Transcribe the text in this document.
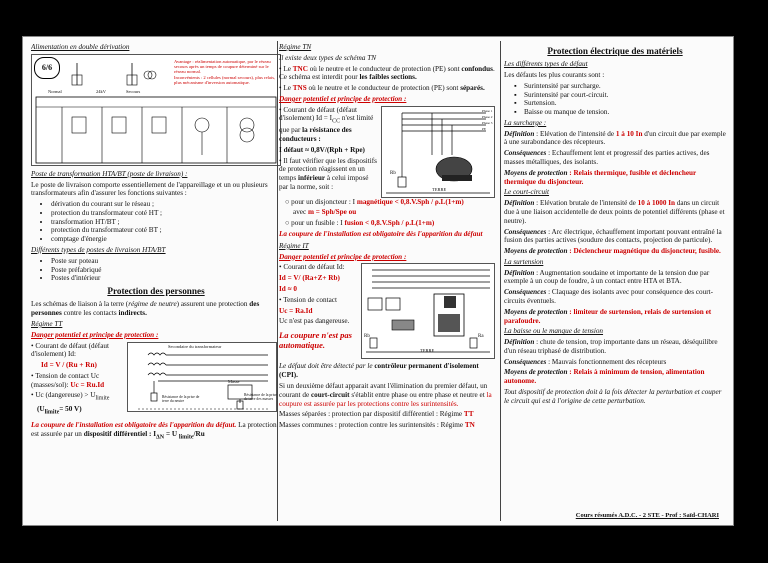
Alimentation en double dérivation

6/6
Avantage : réalimentation automatique, par le réseau secours après un temps de coupure déterminé sur le réseau normal.
Inconvénients : 2 cellules (normal secours), plus relais, plus mécanisme d'inversion automatique.
Normal	24kV	Secours

Poste de transformation HTA/BT (poste de livraison) :

Le poste de livraison comporte essentiellement de l'appareillage et un ou plusieurs transformateurs afin d'assurer les fonctions suivantes :

• dérivation du courant sur le réseau ;
• protection du transformateur coté HT ;
• transformation HT/BT ;
• protection du transformateur coté BT ;
• comptage d'énergie

Différents types de postes de livraison HTA/BT

• Poste sur poteau
• Poste préfabriqué
• Postes d'intérieur

Protection des personnes

Les schémas de liaison à la terre (régime de neutre) assurent une protection des personnes contre les contacts indirects.

Régime TT

Danger potentiel et principe de protection :

• Courant de défaut (défaut d'isolement) Id:

Id = V / (Ru + Rn)

• Tension de contact Uc (masses/sol): Uc = Ru.Id

• Uc (dangereuse) > $U_{limite}$

($U_{limite}= 50$ V)

Secondaire du transformateur
Masse
Résistance de la prise de terre du neutre
Résistance de la prise de terre des masses

La coupure de l'installation est obligatoire dès l'apparition du défaut. La protection est assurée par un dispositif différentiel : $I_{\Delta N} = U$ $_{limite}$/Ru

Régime TN

Il existe deux types de schéma TN

• Le TNC où le neutre et le conducteur de protection (PE) sont confondus. Ce schéma est interdit pour les faibles sections.

• Le TNS où le neutre et le conducteur de protection (PE) sont séparés.

Danger potentiel et principe de protection :

• Courant de défaut (défaut d'isolement) $Id = I_{CC}$ n'est limité que par la résistance des conducteurs :

I défaut ≈ 0,8V/(Rph + Rpe)

• Il faut vérifier que les dispositifs de protection réagissent en un temps inférieur à celui imposé par la norme, soit :

Rb
TERRE
Phase 1
Phase 2
Phase 3
PE

○ pour un disjoncteur : I magnétique < 0,8.V.Sph / ρ.L(1+m)

avec m = Sph/Spe ou

○ pour un fusible : I fusion < 0,8.V.Sph / ρ.L(1+m)

La coupure de l'installation est obligatoire dès l'apparition du défaut

Régime IT

Danger potentiel et principe de protection :

• Courant de défaut Id:

Id = V/ (Ra+Z+ Rb)

Id ≈ 0

• Tension de contact

Uc = Ra.Id

Uc n'est pas dangereuse.

La coupure n'est pas automatique.

Rb	Ra
TERRE

Le défaut doit être détecté par le contrôleur permanent d'isolement (CPI).

Si un deuxième défaut apparait avant l'élimination du premier défaut, un courant de court-circuit s'établit entre phase ou entre phase et neutre et la coupure est assurée par les protections contre les surintensités.

Masses séparées : protection par dispositif différentiel : Régime TT

Masses communes : protection contre les surintensités : Régime TN

Protection électrique des matériels

Les différents types de défaut

Les défauts les plus courants sont :

▪ Surintensité par surcharge.
▪ Surintensité par court-circuit.
▪ Surtension.
▪ Baisse ou manque de tension.

La surcharge :

Définition : Elévation de l'intensité de 1 à 10 In d'un circuit due par exemple à une surabondance des récepteurs.

Conséquences : Echauffement lent et progressif des parties actives, des masses métalliques, des isolants.

Moyens de protection : Relais thermique, fusible et déclencheur thermique du disjoncteur.

Le court-circuit

Définition : Elévation brutale de l'intensité de 10 à 1000 In dans un circuit due à une liaison accidentelle de deux points de potentiel différents (phase et neutre).

Conséquences : Arc électrique, échauffement important pouvant entraîné la fusion des parties actives (soudure des contacts, projection de particule).

Moyens de protection : Déclencheur magnétique du disjoncteur, fusible.

La surtension

Définition : Augmentation soudaine et importante de la tension due par exemple à un coup de foudre, à un contact entre HTA et BTA.

Conséquences : Claquage des isolants avec pour conséquence des court-circuits éventuels.

Moyens de protection : limiteur de surtension, relais de surtension et parafoudre.

La baisse ou le manque de tension

Définition : chute de tension, trop importante dans un réseau, déséquilibre d'un réseau triphasé de distribution.

Conséquences : Mauvais fonctionnement des récepteurs

Moyens de protection : Relais à minimum de tension, alimentation autonome.

Tout dispositif de protection doit à la fois détecter la perturbation et couper le circuit qui est à l'origine de cette perturbation.

Cours résumés A.D.C. - 2 STE - Prof : Saïd-CHARI
